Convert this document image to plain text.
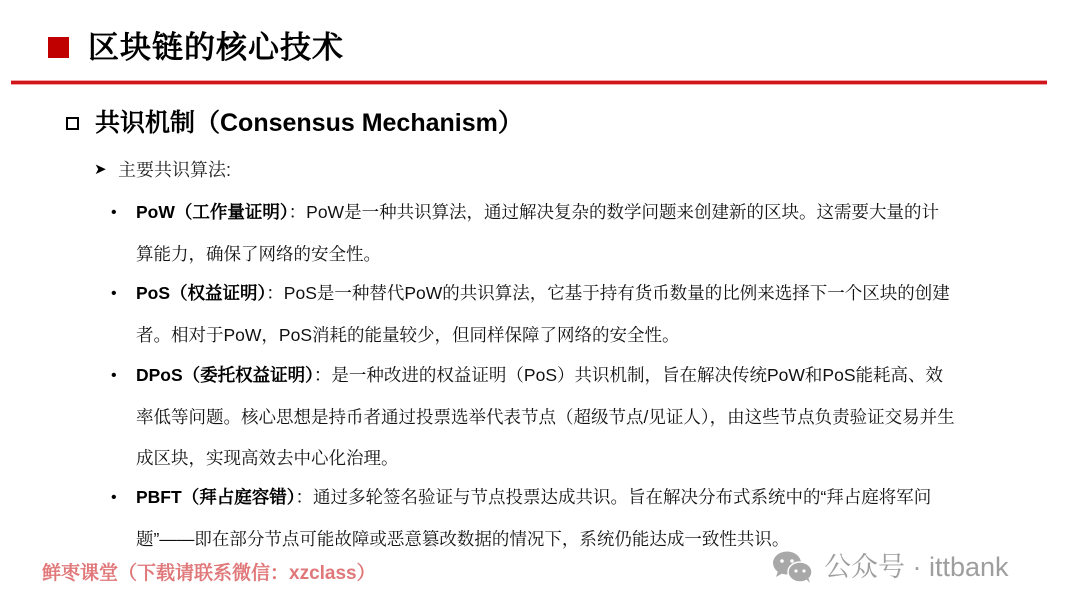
区块链的核心技术
共识机制（Consensus Mechanism）
➤ 主要共识算法:
• PoW（工作量证明）：PoW是一种共识算法，通过解决复杂的数学问题来创建新的区块。这需要大量的计
算能力，确保了网络的安全性。
• PoS（权益证明）：PoS是一种替代PoW的共识算法，它基于持有货币数量的比例来选择下一个区块的创建
者。相对于PoW，PoS消耗的能量较少，但同样保障了网络的安全性。
• DPoS（委托权益证明）：是一种改进的权益证明（PoS）共识机制，旨在解决传统PoW和PoS能耗高、效
率低等问题。核心思想是持币者通过投票选举代表节点（超级节点/见证人），由这些节点负责验证交易并生
成区块，实现高效去中心化治理。
• PBFT（拜占庭容错）：通过多轮签名验证与节点投票达成共识。旨在解决分布式系统中的“拜占庭将军问
题”——即在部分节点可能故障或恶意篡改数据的情况下，系统仍能达成一致性共识。
鲜枣课堂（下载请联系微信：xzclass）	公众号 · ittbank
